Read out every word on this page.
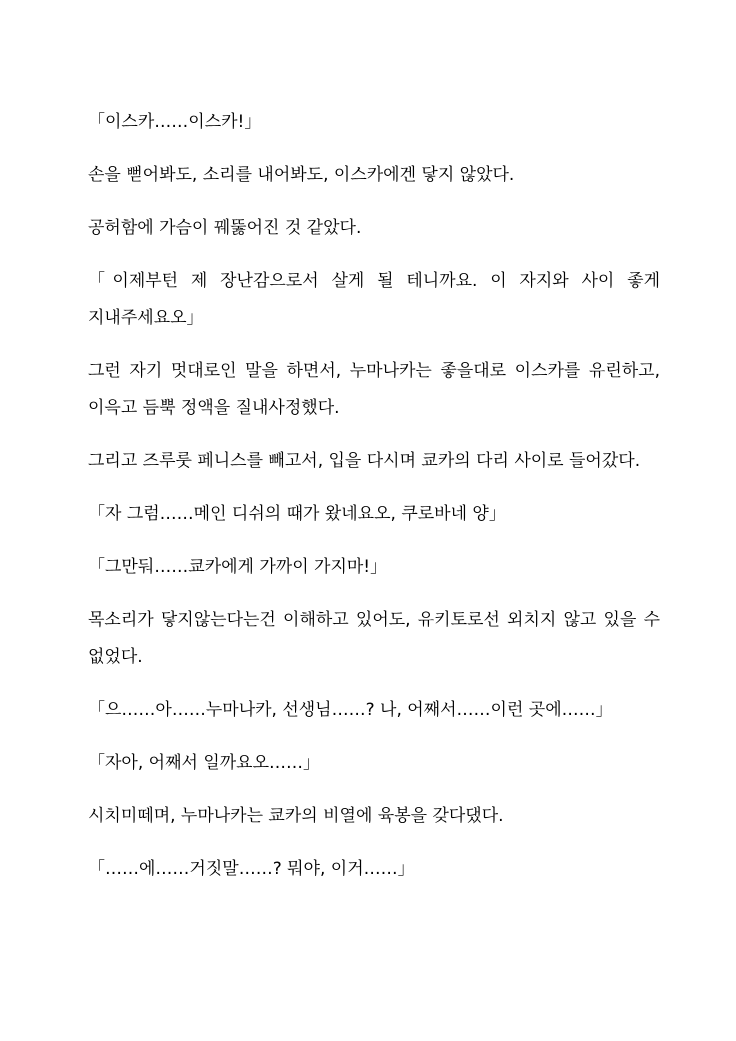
「이스카……이스카!」

손을 뻗어봐도, 소리를 내어봐도, 이스카에겐 닿지 않았다.

공허함에 가슴이 꿰뚫어진 것 같았다.

「이제부턴 제 장난감으로서 살게 될 테니까요. 이 자지와 사이 좋게 지내주세요오」

그런 자기 멋대로인 말을 하면서, 누마나카는 좋을대로 이스카를 유린하고, 이윽고 듬뿍 정액을 질내사정했다.

그리고 즈루룻 페니스를 빼고서, 입을 다시며 쿄카의 다리 사이로 들어갔다.

「자 그럼……메인 디쉬의 때가 왔네요오, 쿠로바네 양」

「그만둬……쿄카에게 가까이 가지마!」

목소리가 닿지않는다는건 이해하고 있어도, 유키토로선 외치지 않고 있을 수 없었다.

「으……아……누마나카, 선생님……? 나, 어째서……이런 곳에……」

「자아, 어째서 일까요오……」

시치미떼며, 누마나카는 쿄카의 비열에 육봉을 갖다댔다.

「……에……거짓말……? 뭐야, 이거……」
